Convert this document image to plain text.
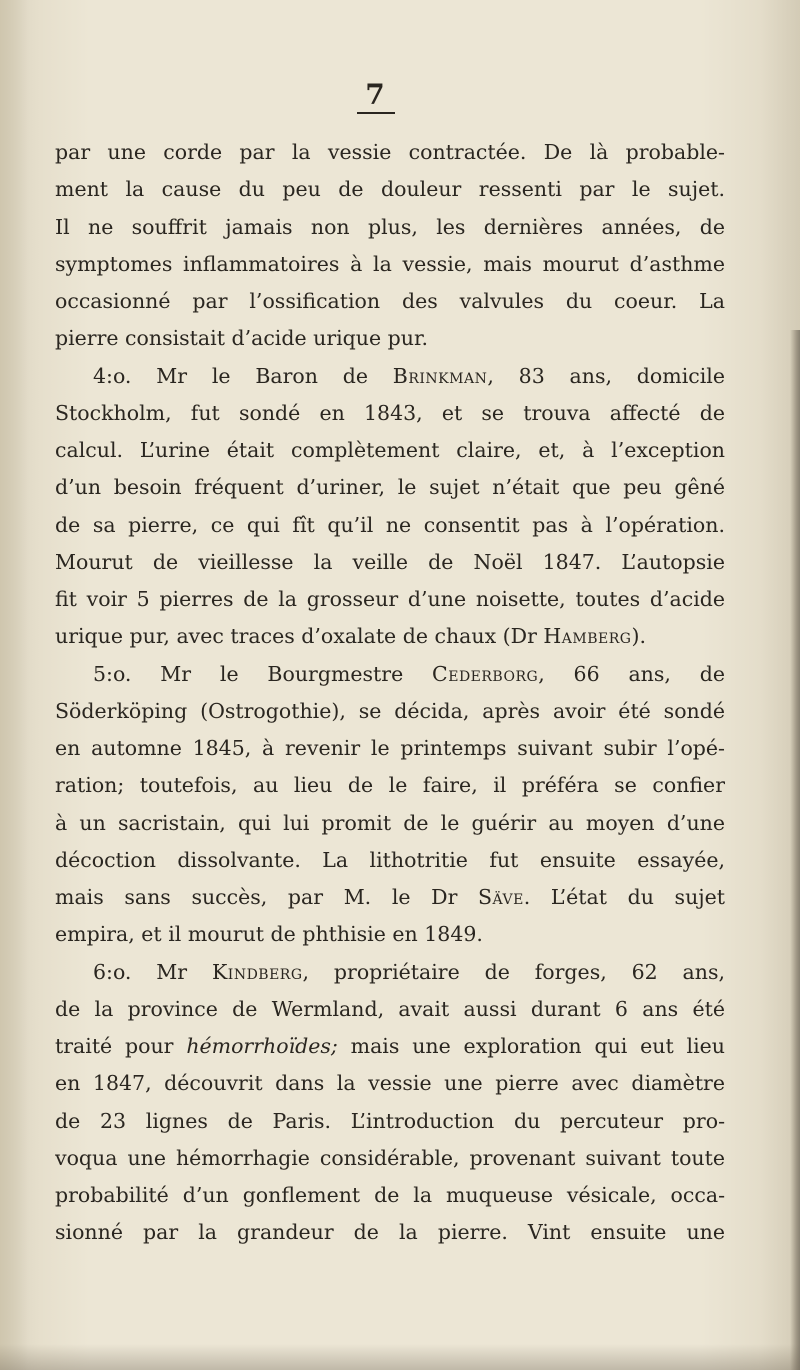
7
par une corde par la vessie contractée. De là probable-
ment la cause du peu de douleur ressenti par le sujet.
Il ne souffrit jamais non plus, les dernières années, de
symptomes inflammatoires à la vessie, mais mourut d’asthme
occasionné par l’ossification des valvules du coeur. La
pierre consistait d’acide urique pur.
4:o. Mr le Baron de Brinkman, 83 ans, domicile
Stockholm, fut sondé en 1843, et se trouva affecté de
calcul. L’urine était complètement claire, et, à l’exception
d’un besoin fréquent d’uriner, le sujet n’était que peu gêné
de sa pierre, ce qui fît qu’il ne consentit pas à l’opération.
Mourut de vieillesse la veille de Noël 1847. L’autopsie
fit voir 5 pierres de la grosseur d’une noisette, toutes d’acide
urique pur, avec traces d’oxalate de chaux (Dr Hamberg).
5:o. Mr le Bourgmestre Cederborg, 66 ans, de
Söderköping (Ostrogothie), se décida, après avoir été sondé
en automne 1845, à revenir le printemps suivant subir l’opé-
ration; toutefois, au lieu de le faire, il préféra se confier
à un sacristain, qui lui promit de le guérir au moyen d’une
décoction dissolvante. La lithotritie fut ensuite essayée,
mais sans succès, par M. le Dr Säve. L’état du sujet
empira, et il mourut de phthisie en 1849.
6:o. Mr Kindberg, propriétaire de forges, 62 ans,
de la province de Wermland, avait aussi durant 6 ans été
traité pour hémorrhoïdes; mais une exploration qui eut lieu
en 1847, découvrit dans la vessie une pierre avec diamètre
de 23 lignes de Paris. L’introduction du percuteur pro-
voqua une hémorrhagie considérable, provenant suivant toute
probabilité d’un gonflement de la muqueuse vésicale, occa-
sionné par la grandeur de la pierre. Vint ensuite une
